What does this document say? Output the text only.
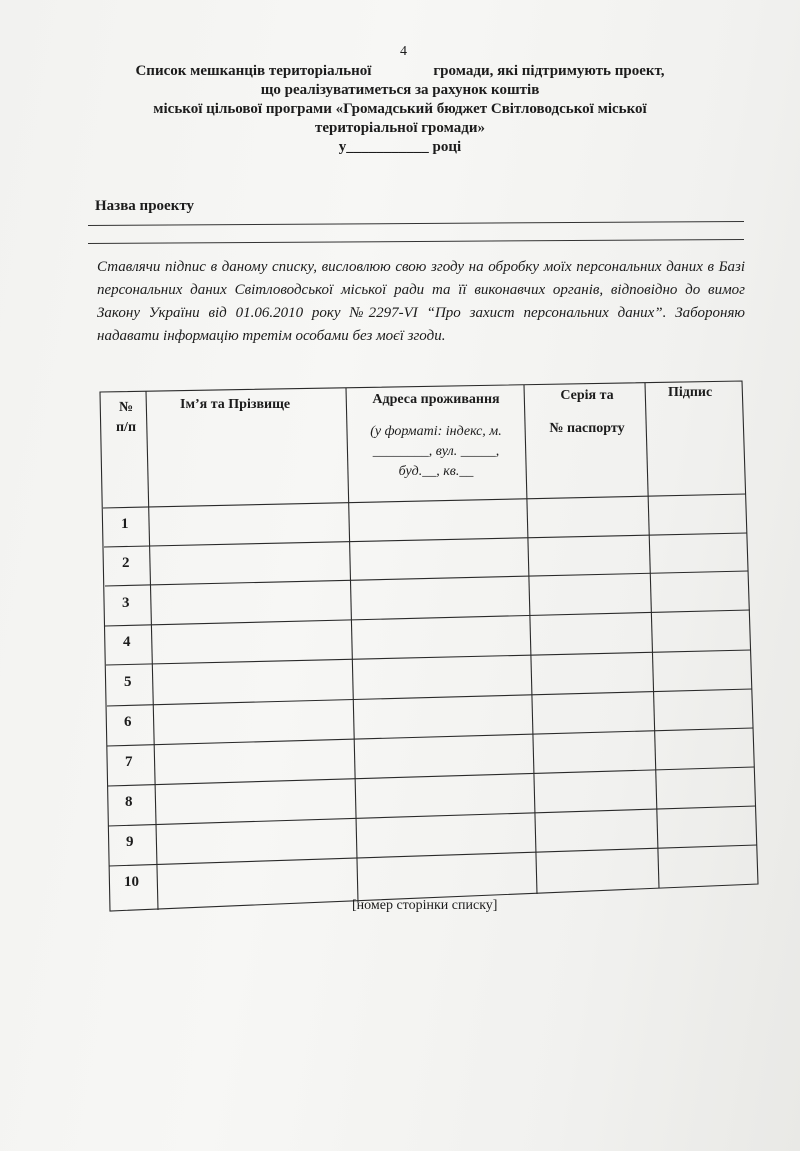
4
Список мешканців територіальної	громади, які підтримують проект,
що реалізуватиметься за рахунок коштів
міської цільової програми «Громадський бюджет Світловодської міської
територіальної громади»
у___________ році
Назва проекту
Ставлячи підпис в даному списку, висловлюю свою згоду на обробку моїх персональних даних в Базі персональних даних Світловодської міської ради та її виконавчих органів, відповідно до вимог Закону України від 01.06.2010 року №2297-VI “Про захист персональних даних”. Забороняю надавати інформацію третім особами без моєї згоди.
№
п/п
Ім’я та Прізвище	Адреса проживання
(у форматі: індекс, м.
________, вул. _____,
буд.__, кв.__
Серія та
№ паспорту
Підпис
1
2
3
4
5
6
7
8
9
10
[номер сторінки списку]
